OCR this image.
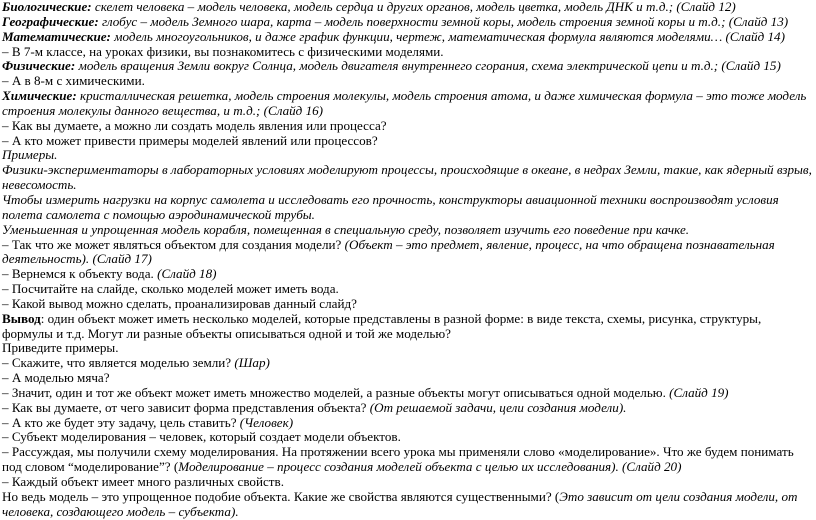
Биологические: скелет человека – модель человека, модель сердца и других органов, модель цветка, модель ДНК и т.д.; (Слайд 12)

Географические: глобус – модель Земного шара, карта – модель поверхности земной коры, модель строения земной коры и т.д.; (Слайд 13)

Математические: модель многоугольников, и даже график функции, чертеж, математическая формула являются моделями… (Слайд 14)

– В 7-м классе, на уроках физики, вы познакомитесь с физическими моделями.

Физические: модель вращения Земли вокруг Солнца, модель двигателя внутреннего сгорания, схема электрической цепи и т.д.; (Слайд 15)

– А в 8-м с химическими.

Химические: кристаллическая решетка, модель строения молекулы, модель строения атома, и даже химическая формула – это тоже модель строения молекулы данного вещества, и т.д.; (Слайд 16)

– Как вы думаете, а можно ли создать модель явления или процесса?

– А кто может привести примеры моделей явлений или процессов?

Примеры.

Физики-экспериментаторы в лабораторных условиях моделируют процессы, происходящие в океане, в недрах Земли, такие, как ядерный взрыв, невесомость.

Чтобы измерить нагрузки на корпус самолета и исследовать его прочность, конструкторы авиационной техники воспроизводят условия полета самолета с помощью аэродинамической трубы.

Уменьшенная и упрощенная модель корабля, помещенная в специальную среду, позволяет изучить его поведение при качке.

– Так что же может являться объектом для создания модели? (Объект – это предмет, явление, процесс, на что обращена познавательная деятельность). (Слайд 17)

– Вернемся к объекту вода. (Слайд 18)

– Посчитайте на слайде, сколько моделей может иметь вода.

– Какой вывод можно сделать, проанализировав данный слайд?

Вывод: один объект может иметь несколько моделей, которые представлены в разной форме: в виде текста, схемы, рисунка, структуры, формулы и т.д. Могут ли разные объекты описываться одной и той же моделью?

Приведите примеры.

– Скажите, что является моделью земли? (Шар)

– А моделью мяча?

– Значит, один и тот же объект может иметь множество моделей, а разные объекты могут описываться одной моделью. (Слайд 19)

– Как вы думаете, от чего зависит форма представления объекта? (От решаемой задачи, цели создания модели).

– А кто же будет эту задачу, цель ставить? (Человек)

– Субъект моделирования – человек, который создает модели объектов.

– Рассуждая, мы получили схему моделирования. На протяжении всего урока мы применяли слово «моделирование». Что же будем понимать под словом “моделирование”? (Моделирование – процесс создания моделей объекта с целью их исследования). (Слайд 20)

– Каждый объект имеет много различных свойств.

Но ведь модель – это упрощенное подобие объекта. Какие же свойства являются существенными? (Это зависит от цели создания модели, от человека, создающего модель – субъекта).
